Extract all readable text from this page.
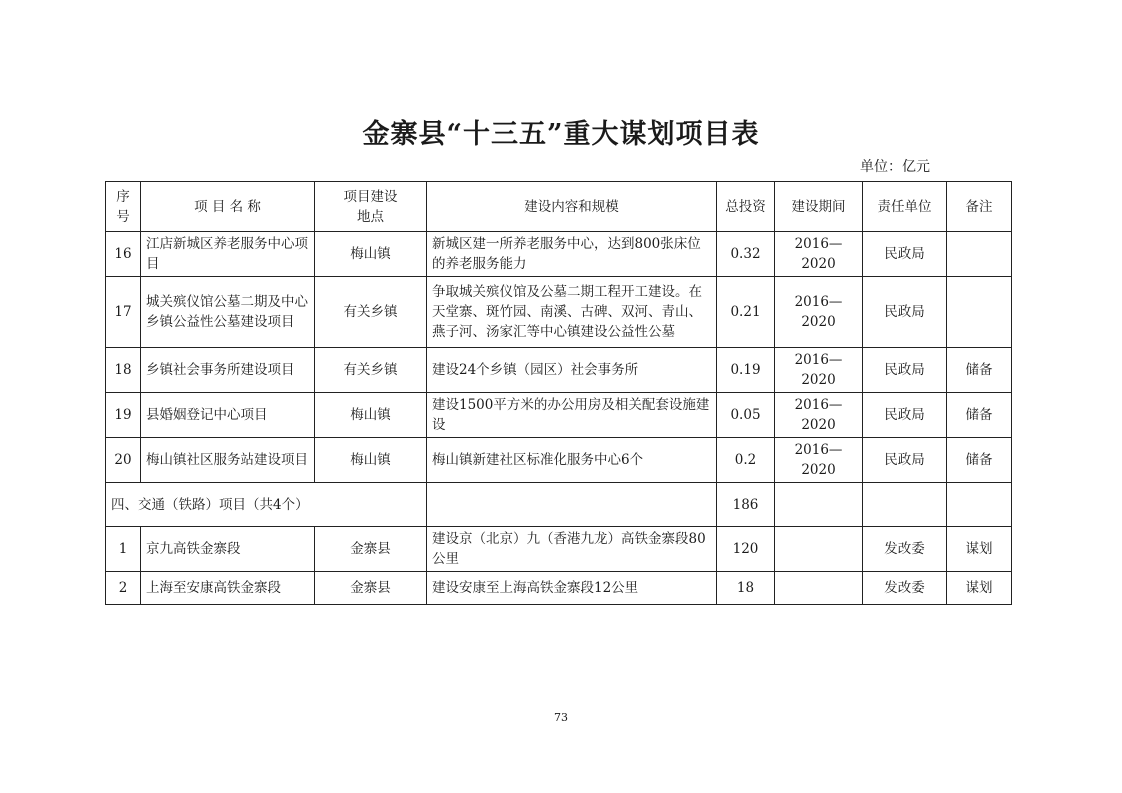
金寨县“十三五”重大谋划项目表
单位：亿元
序号	项 目 名 称	项目建设地点	建设内容和规模	总投资	建设期间	责任单位	备注
16	江店新城区养老服务中心项目	梅山镇	新城区建一所养老服务中心，达到800张床位的养老服务能力	0.32	2016—2020	民政局	
17	城关殡仪馆公墓二期及中心乡镇公益性公墓建设项目	有关乡镇	争取城关殡仪馆及公墓二期工程开工建设。在天堂寨、斑竹园、南溪、古碑、双河、青山、燕子河、汤家汇等中心镇建设公益性公墓	0.21	2016—2020	民政局	
18	乡镇社会事务所建设项目	有关乡镇	建设24个乡镇（园区）社会事务所	0.19	2016—2020	民政局	储备
19	县婚姻登记中心项目	梅山镇	建设1500平方米的办公用房及相关配套设施建设	0.05	2016—2020	民政局	储备
20	梅山镇社区服务站建设项目	梅山镇	梅山镇新建社区标准化服务中心6个	0.2	2016—2020	民政局	储备
四、交通（铁路）项目（共4个）				186			
1	京九高铁金寨段	金寨县	建设京（北京）九（香港九龙）高铁金寨段80公里	120		发改委	谋划
2	上海至安康高铁金寨段	金寨县	建设安康至上海高铁金寨段12公里	18		发改委	谋划
73
